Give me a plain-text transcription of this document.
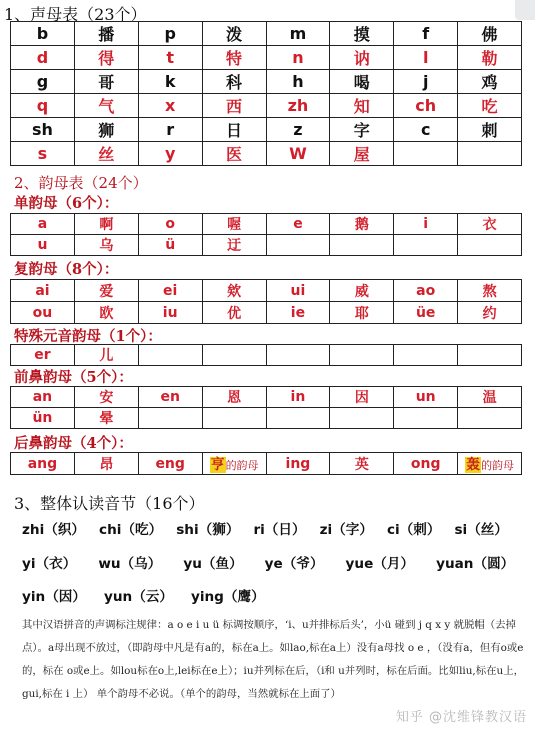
1、声母表（23个）
b	播	p	泼	m	摸	f	佛
d	得	t	特	n	讷	l	勒
g	哥	k	科	h	喝	j	鸡
q	气	x	西	zh	知	ch	吃
sh	狮	r	日	z	字	c	刺
s	丝	y	医	W	屋		
2、韵母表（24个）
单韵母（6个）：
a	啊	o	喔	e	鹅	i	衣
u	乌	ü	迂				
复韵母（8个）：
ai	爱	ei	欸	ui	威	ao	熬
ou	欧	iu	优	ie	耶	üe	约
特殊元音韵母（1个）：
er	儿						
前鼻韵母（5个）：
an	安	en	恩	in	因	un	温
ün	晕						
后鼻韵母（4个）：
ang	昂	eng	亨的韵母	ing	英	ong	轰的韵母
3、整体认读音节（16个）
zhi（织） chi（吃） shi（狮） ri（日） zi（字） ci（刺） si（丝）
yi（衣） wu（乌） yu（鱼） ye（爷） yue（月） yuan（圆）
yin（因） yun（云） ying（鹰）
其中汉语拼音的声调标注规律：a o e i u ü 标调按顺序，‘i、u并排标后头’，小ü 碰到 j q x y 就脱帽（去掉点）。a母出现不放过，（即韵母中凡是有a的，标在a上。如lao,标在a上）没有a母找 o e ，（没有a，但有o或e的，标在 o或e上。如lou标在o上,lei标在e上）；iu并列标在后，（i和 u并列时，标在后面。比如liu,标在u上，gui,标在 i 上） 单个韵母不必说。（单个的韵母，当然就标在上面了）
知乎 @沈维锋教汉语
